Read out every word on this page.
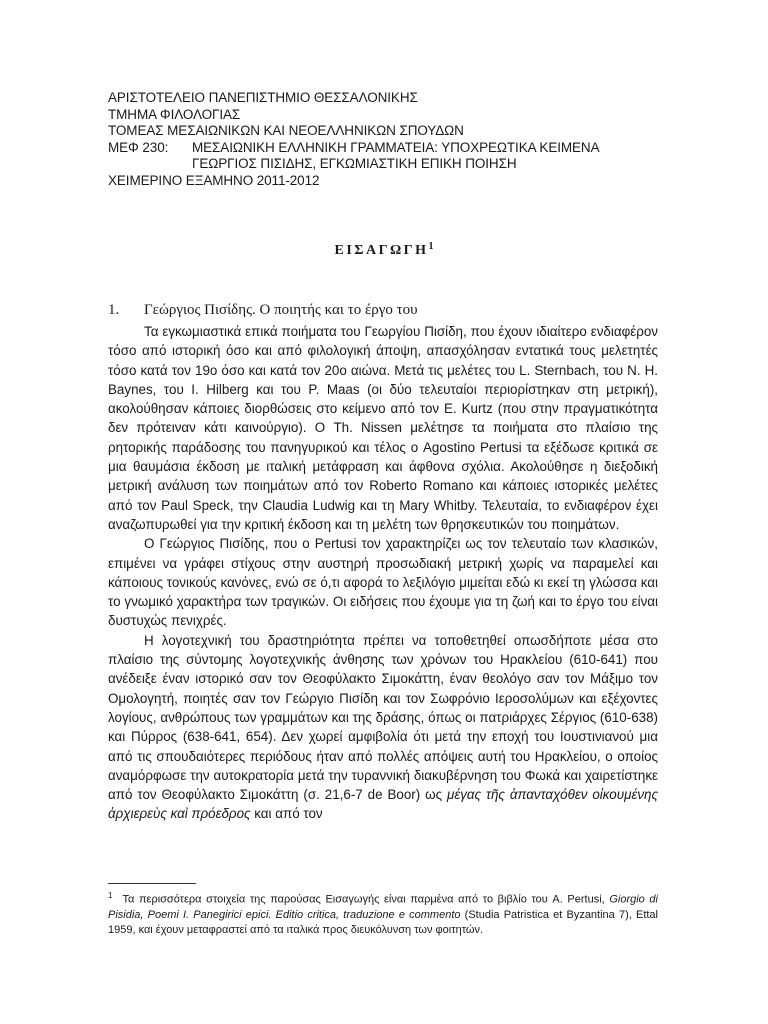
ΑΡΙΣΤΟΤΕΛΕΙΟ ΠΑΝΕΠΙΣΤΗΜΙΟ ΘΕΣΣΑΛΟΝΙΚΗΣ
ΤΜΗΜΑ ΦΙΛΟΛΟΓΙΑΣ
ΤΟΜΕΑΣ ΜΕΣΑΙΩΝΙΚΩΝ ΚΑΙ ΝΕΟΕΛΛΗΝΙΚΩΝ ΣΠΟΥΔΩΝ
ΜΕΦ 230: ΜΕΣΑΙΩΝΙΚΗ ΕΛΛΗΝΙΚΗ ΓΡΑΜΜΑΤΕΙΑ: ΥΠΟΧΡΕΩΤΙΚΑ ΚΕΙΜΕΝΑ
ΓΕΩΡΓΙΟΣ ΠΙΣΙΔΗΣ, ΕΓΚΩΜΙΑΣΤΙΚΗ ΕΠΙΚΗ ΠΟΙΗΣΗ
ΧΕΙΜΕΡΙΝΟ ΕΞΑΜΗΝΟ 2011-2012
ΕΙΣΑΓΩΓΗ$^1$
1. Γεώργιος Πισίδης. Ο ποιητής και το έργο του

Τα εγκωμιαστικά επικά ποιήματα του Γεωργίου Πισίδη, που έχουν ιδιαίτερο ενδιαφέρον τόσο από ιστορική όσο και από φιλολογική άποψη, απασχόλησαν εντατικά τους μελετητές τόσο κατά τον 19ο όσο και κατά τον 20ο αιώνα. Μετά τις μελέτες του L. Sternbach, του N. H. Baynes, του I. Hilberg και του P. Maas (οι δύο τελευταίοι περιορίστηκαν στη μετρική), ακολούθησαν κάποιες διορθώσεις στο κείμενο από τον E. Kurtz (που στην πραγματικότητα δεν πρότειναν κάτι καινούργιο). Ο Th. Nissen μελέτησε τα ποιήματα στο πλαίσιο της ρητορικής παράδοσης του πανηγυρικού και τέλος ο Agostino Pertusi τα εξέδωσε κριτικά σε μια θαυμάσια έκδοση με ιταλική μετάφραση και άφθονα σχόλια. Ακολούθησε η διεξοδική μετρική ανάλυση των ποιημάτων από τον Roberto Romano και κάποιες ιστορικές μελέτες από τον Paul Speck, την Claudia Ludwig και τη Mary Whitby. Τελευταία, το ενδιαφέρον έχει αναζωπυρωθεί για την κριτική έκδοση και τη μελέτη των θρησκευτικών του ποιημάτων.

Ο Γεώργιος Πισίδης, που ο Pertusi τον χαρακτηρίζει ως τον τελευταίο των κλασικών, επιμένει να γράφει στίχους στην αυστηρή προσωδιακή μετρική χωρίς να παραμελεί και κάποιους τονικούς κανόνες, ενώ σε ό,τι αφορά το λεξιλόγιο μιμείται εδώ κι εκεί τη γλώσσα και το γνωμικό χαρακτήρα των τραγικών. Οι ειδήσεις που έχουμε για τη ζωή και το έργο του είναι δυστυχώς πενιχρές.

Η λογοτεχνική του δραστηριότητα πρέπει να τοποθετηθεί οπωσδήποτε μέσα στο πλαίσιο της σύντομης λογοτεχνικής άνθησης των χρόνων του Ηρακλείου (610-641) που ανέδειξε έναν ιστορικό σαν τον Θεοφύλακτο Σιμοκάττη, έναν θεολόγο σαν τον Μάξιμο τον Ομολογητή, ποιητές σαν τον Γεώργιο Πισίδη και τον Σωφρόνιο Ιεροσολύμων και εξέχοντες λογίους, ανθρώπους των γραμμάτων και της δράσης, όπως οι πατριάρχες Σέργιος (610-638) και Πύρρος (638-641, 654). Δεν χωρεί αμφιβολία ότι μετά την εποχή του Ιουστινιανού μια από τις σπουδαιότερες περιόδους ήταν από πολλές απόψεις αυτή του Ηρακλείου, ο οποίος αναμόρφωσε την αυτοκρατορία μετά την τυραννική διακυβέρνηση του Φωκά και χαιρετίστηκε από τον Θεοφύλακτο Σιμοκάττη (σ. 21,6-7 de Boor) ως μέγας τῆς ἁπανταχόθεν οἰκουμένης ἀρχιερεὺς καὶ πρόεδρος και από τον

$^1$ Τα περισσότερα στοιχεία της παρούσας Εισαγωγής είναι παρμένα από το βιβλίο του A. Pertusi, Giorgio di Pisidia, Poemi I. Panegirici epici. Editio critica, traduzione e commento (Studia Patristica et Byzantina 7), Ettal 1959, και έχουν μεταφραστεί από τα ιταλικά προς διευκόλυνση των φοιτητών.
